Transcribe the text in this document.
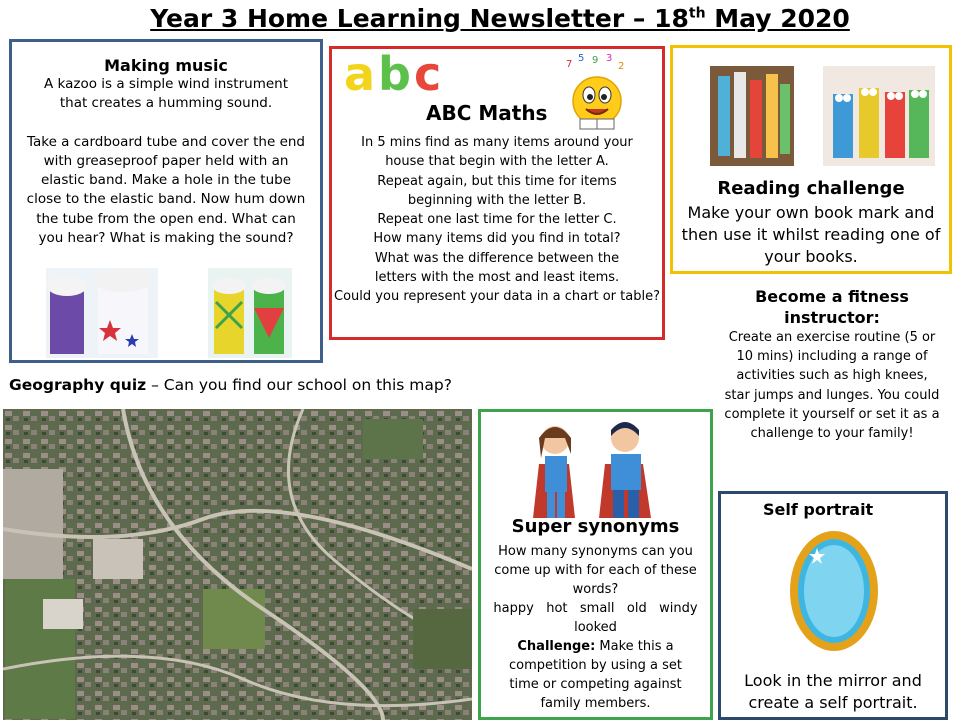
Year 3 Home Learning Newsletter – 18th May 2020
Making music
A kazoo is a simple wind instrument that creates a humming sound.
Take a cardboard tube and cover the end with greaseproof paper held with an elastic band. Make a hole in the tube close to the elastic band. Now hum down the tube from the open end. What can you hear? What is making the sound?
a b c	7
5 9 3
2
ABC Maths

In 5 mins find as many items around your house that begin with the letter A.

Repeat again, but this time for items beginning with the letter B.

Repeat one last time for the letter C.

How many items did you find in total?

What was the difference between the letters with the most and least items.

Could you represent your data in a chart or table?

Reading challenge
Make your own book mark and then use it whilst reading one of your books.
Become a fitness instructor:
Create an exercise routine (5 or 10 mins) including a range of activities such as high knees, star jumps and lunges. You could complete it yourself or set it as a challenge to your family!
Geography quiz – Can you find our school on this map?
Super synonyms

How many synonyms can you come up with for each of these words?

happy   hot   small   old   windy looked

Challenge: Make this a competition by using a set time or competing against family members.

Self portrait
Look in the mirror and create a self portrait.
